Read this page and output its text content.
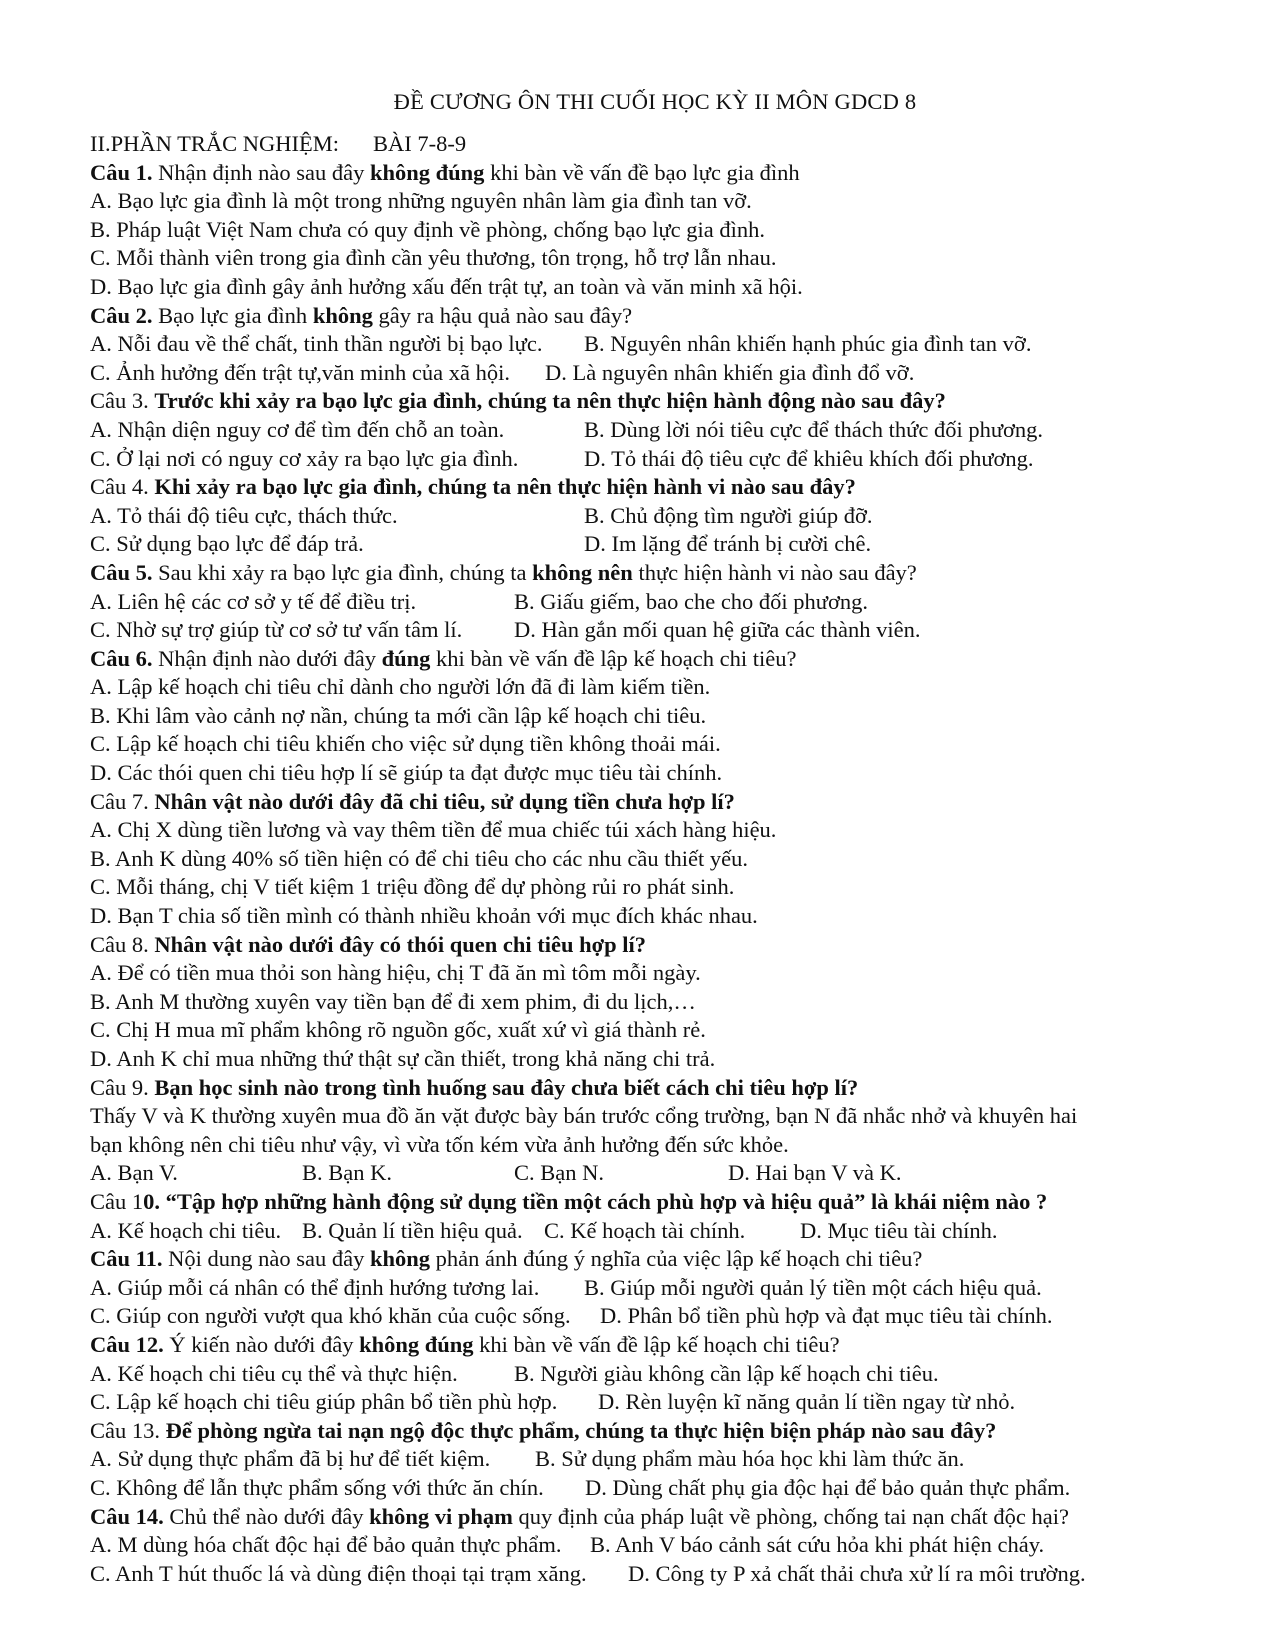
ĐỀ CƯƠNG ÔN THI CUỐI HỌC KỲ II MÔN GDCD 8
II.PHẦN TRẮC NGHIỆM: BÀI 7-8-9
Câu 1. Nhận định nào sau đây không đúng khi bàn về vấn đề bạo lực gia đình
A. Bạo lực gia đình là một trong những nguyên nhân làm gia đình tan vỡ.
B. Pháp luật Việt Nam chưa có quy định về phòng, chống bạo lực gia đình.
C. Mỗi thành viên trong gia đình cần yêu thương, tôn trọng, hỗ trợ lẫn nhau.
D. Bạo lực gia đình gây ảnh hưởng xấu đến trật tự, an toàn và văn minh xã hội.
Câu 2. Bạo lực gia đình không gây ra hậu quả nào sau đây?
A. Nỗi đau về thể chất, tinh thần người bị bạo lực. B. Nguyên nhân khiến hạnh phúc gia đình tan vỡ.
C. Ảnh hưởng đến trật tự,văn minh của xã hội. D. Là nguyên nhân khiến gia đình đổ vỡ.
Câu 3. Trước khi xảy ra bạo lực gia đình, chúng ta nên thực hiện hành động nào sau đây?
A. Nhận diện nguy cơ để tìm đến chỗ an toàn.	B. Dùng lời nói tiêu cực để thách thức đối phương.
C. Ở lại nơi có nguy cơ xảy ra bạo lực gia đình.	D. Tỏ thái độ tiêu cực để khiêu khích đối phương.
Câu 4. Khi xảy ra bạo lực gia đình, chúng ta nên thực hiện hành vi nào sau đây?
A. Tỏ thái độ tiêu cực, thách thức.	B. Chủ động tìm người giúp đỡ.
C. Sử dụng bạo lực để đáp trả.	D. Im lặng để tránh bị cười chê.
Câu 5. Sau khi xảy ra bạo lực gia đình, chúng ta không nên thực hiện hành vi nào sau đây?
A. Liên hệ các cơ sở y tế để điều trị.	B. Giấu giếm, bao che cho đối phương.
C. Nhờ sự trợ giúp từ cơ sở tư vấn tâm lí. D. Hàn gắn mối quan hệ giữa các thành viên.
Câu 6. Nhận định nào dưới đây đúng khi bàn về vấn đề lập kế hoạch chi tiêu?
A. Lập kế hoạch chi tiêu chỉ dành cho người lớn đã đi làm kiếm tiền.
B. Khi lâm vào cảnh nợ nần, chúng ta mới cần lập kế hoạch chi tiêu.
C. Lập kế hoạch chi tiêu khiến cho việc sử dụng tiền không thoải mái.
D. Các thói quen chi tiêu hợp lí sẽ giúp ta đạt được mục tiêu tài chính.
Câu 7. Nhân vật nào dưới đây đã chi tiêu, sử dụng tiền chưa hợp lí?
A. Chị X dùng tiền lương và vay thêm tiền để mua chiếc túi xách hàng hiệu.
B. Anh K dùng 40% số tiền hiện có để chi tiêu cho các nhu cầu thiết yếu.
C. Mỗi tháng, chị V tiết kiệm 1 triệu đồng để dự phòng rủi ro phát sinh.
D. Bạn T chia số tiền mình có thành nhiều khoản với mục đích khác nhau.
Câu 8. Nhân vật nào dưới đây có thói quen chi tiêu hợp lí?
A. Để có tiền mua thỏi son hàng hiệu, chị T đã ăn mì tôm mỗi ngày.
B. Anh M thường xuyên vay tiền bạn để đi xem phim, đi du lịch,…
C. Chị H mua mĩ phẩm không rõ nguồn gốc, xuất xứ vì giá thành rẻ.
D. Anh K chỉ mua những thứ thật sự cần thiết, trong khả năng chi trả.
Câu 9. Bạn học sinh nào trong tình huống sau đây chưa biết cách chi tiêu hợp lí?
Thấy V và K thường xuyên mua đồ ăn vặt được bày bán trước cổng trường, bạn N đã nhắc nhở và khuyên hai
bạn không nên chi tiêu như vậy, vì vừa tốn kém vừa ảnh hưởng đến sức khỏe.
A. Bạn V.	B. Bạn K.	C. Bạn N.	D. Hai bạn V và K.
Câu 10. “Tập hợp những hành động sử dụng tiền một cách phù hợp và hiệu quả” là khái niệm nào ?
A. Kế hoạch chi tiêu. B. Quản lí tiền hiệu quả. C. Kế hoạch tài chính. D. Mục tiêu tài chính.
Câu 11. Nội dung nào sau đây không phản ánh đúng ý nghĩa của việc lập kế hoạch chi tiêu?
A. Giúp mỗi cá nhân có thể định hướng tương lai. B. Giúp mỗi người quản lý tiền một cách hiệu quả.
C. Giúp con người vượt qua khó khăn của cuộc sống. D. Phân bổ tiền phù hợp và đạt mục tiêu tài chính.
Câu 12. Ý kiến nào dưới đây không đúng khi bàn về vấn đề lập kế hoạch chi tiêu?
A. Kế hoạch chi tiêu cụ thể và thực hiện.	B. Người giàu không cần lập kế hoạch chi tiêu.
C. Lập kế hoạch chi tiêu giúp phân bổ tiền phù hợp. D. Rèn luyện kĩ năng quản lí tiền ngay từ nhỏ.
Câu 13. Để phòng ngừa tai nạn ngộ độc thực phẩm, chúng ta thực hiện biện pháp nào sau đây?
A. Sử dụng thực phẩm đã bị hư để tiết kiệm. B. Sử dụng phẩm màu hóa học khi làm thức ăn.
C. Không để lẫn thực phẩm sống với thức ăn chín. D. Dùng chất phụ gia độc hại để bảo quản thực phẩm.
Câu 14. Chủ thể nào dưới đây không vi phạm quy định của pháp luật về phòng, chống tai nạn chất độc hại?
A. M dùng hóa chất độc hại để bảo quản thực phẩm. B. Anh V báo cảnh sát cứu hỏa khi phát hiện cháy.
C. Anh T hút thuốc lá và dùng điện thoại tại trạm xăng. D. Công ty P xả chất thải chưa xử lí ra môi trường.
